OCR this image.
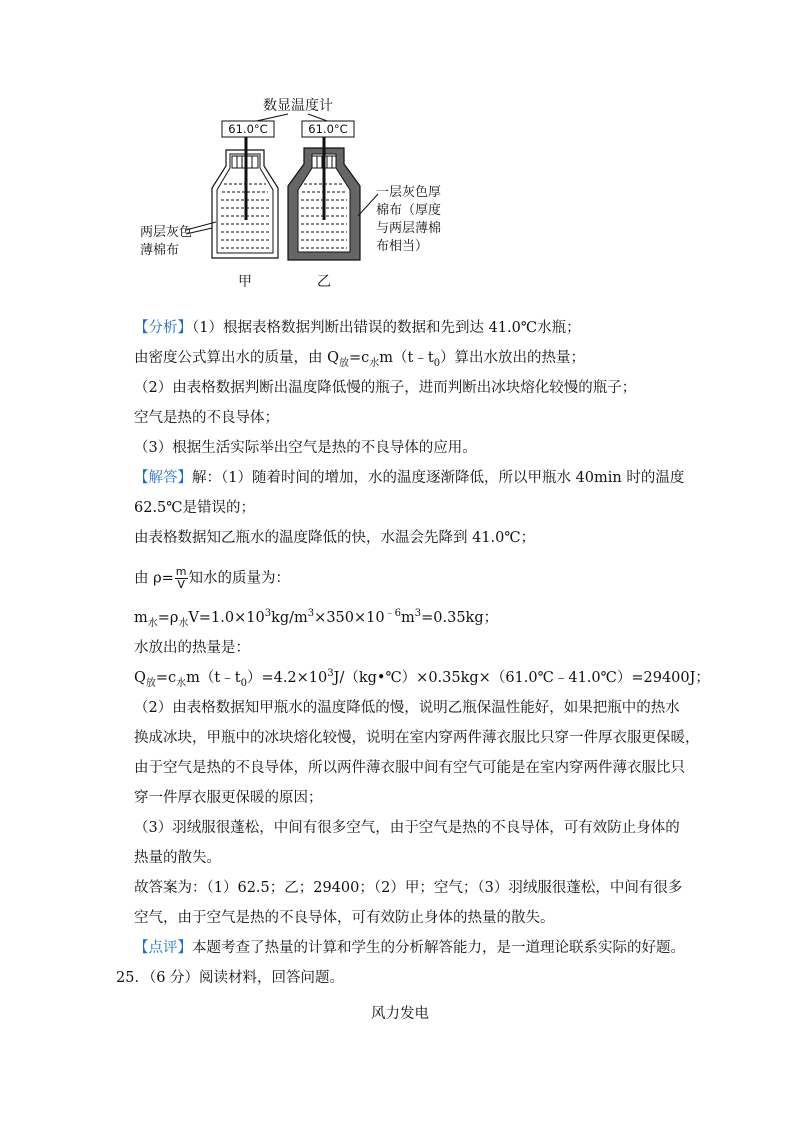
数显温度计
61.0°C	61.0°C
两层灰色
薄棉布
一层灰色厚
棉布（厚度
与两层薄棉
布相当）
甲	乙
【分析】（1）根据表格数据判断出错误的数据和先到达 41.0℃水瓶；
由密度公式算出水的质量，由 $Q_放=c_水m(t﹣t_0)$算出水放出的热量；
（2）由表格数据判断出温度降低慢的瓶子，进而判断出冰块熔化较慢的瓶子；
空气是热的不良导体；
（3）根据生活实际举出空气是热的不良导体的应用。
【解答】解：（1）随着时间的增加，水的温度逐渐降低，所以甲瓶水 40min 时的温度
62.5℃是错误的；
由表格数据知乙瓶水的温度降低的快，水温会先降到 41.0℃；
由 $\rho= \frac{m}{V}$ 知水的质量为：
$m_水=\rho_水V=1.0\times 10^3kg/m^3\times 350\times 10^{﹣6}m^3=0.35kg$；
水放出的热量是：
$Q_放=c_水m(t﹣t_0)=4.2\times 10^3J/(kg•℃)\times 0.35kg\times(61.0℃﹣41.0℃)=29400J$；
（2）由表格数据知甲瓶水的温度降低的慢，说明乙瓶保温性能好，如果把瓶中的热水
换成冰块，甲瓶中的冰块熔化较慢，说明在室内穿两件薄衣服比只穿一件厚衣服更保暖，
由于空气是热的不良导体，所以两件薄衣服中间有空气可能是在室内穿两件薄衣服比只
穿一件厚衣服更保暖的原因；
（3）羽绒服很蓬松，中间有很多空气，由于空气是热的不良导体，可有效防止身体的
热量的散失。
故答案为：（1）62.5；乙；29400；（2）甲；空气；（3）羽绒服很蓬松，中间有很多
空气，由于空气是热的不良导体，可有效防止身体的热量的散失。
【点评】本题考查了热量的计算和学生的分析解答能力，是一道理论联系实际的好题。
25．（6 分）阅读材料，回答问题。
风力发电
